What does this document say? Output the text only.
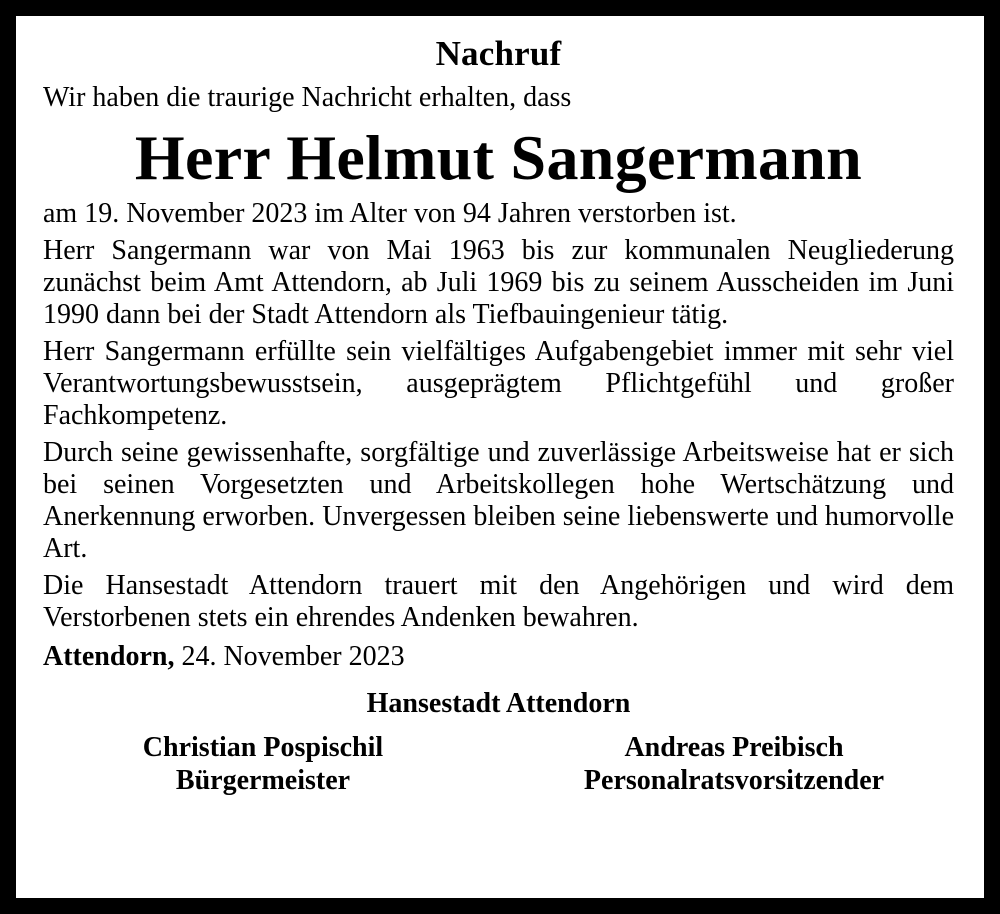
Nachruf

Wir haben die traurige Nachricht erhalten, dass

Herr Helmut Sangermann

am 19. November 2023 im Alter von 94 Jahren verstorben ist.

Herr Sangermann war von Mai 1963 bis zur kommunalen Neugliederung zunächst beim Amt Attendorn, ab Juli 1969 bis zu seinem Ausscheiden im Juni 1990 dann bei der Stadt Attendorn als Tiefbauingenieur tätig.

Herr Sangermann erfüllte sein vielfältiges Aufgabengebiet immer mit sehr viel Verantwortungsbewusstsein, ausgeprägtem Pflichtgefühl und großer Fachkompetenz.

Durch seine gewissenhafte, sorgfältige und zuverlässige Arbeitsweise hat er sich bei seinen Vorgesetzten und Arbeitskollegen hohe Wertschätzung und Anerkennung erworben. Unvergessen bleiben seine liebenswerte und humorvolle Art.

Die Hansestadt Attendorn trauert mit den Angehörigen und wird dem Verstorbenen stets ein ehrendes Andenken bewahren.

Attendorn, 24. November 2023

Hansestadt Attendorn

Christian Pospischil
Bürgermeister
Andreas Preibisch
Personalratsvorsitzender
